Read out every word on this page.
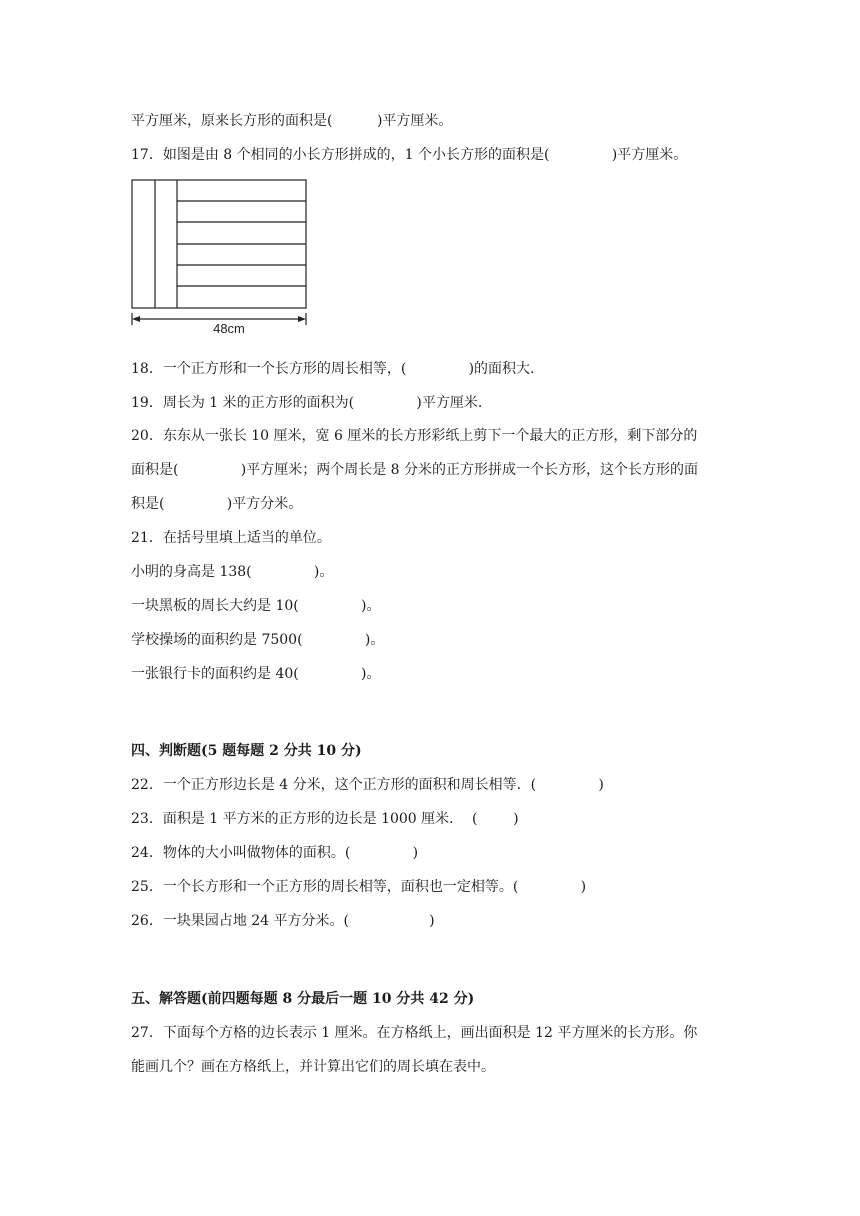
平方厘米，原来长方形的面积是(          )平方厘米。
17．如图是由 8 个相同的小长方形拼成的，1 个小长方形的面积是(              )平方厘米。
48cm
18．一个正方形和一个长方形的周长相等，(              )的面积大.
19．周长为 1 米的正方形的面积为(              )平方厘米.
20．东东从一张长 10 厘米，宽 6 厘米的长方形彩纸上剪下一个最大的正方形，剩下部分的
面积是(              )平方厘米；两个周长是 8 分米的正方形拼成一个长方形，这个长方形的面
积是(              )平方分米。
21．在括号里填上适当的单位。
小明的身高是 138(              )。
一块黑板的周长大约是 10(              )。
学校操场的面积约是 7500(              )。
一张银行卡的面积约是 40(              )。
四、判断题(5 题每题 2 分共 10 分)
22．一个正方形边长是 4 分米，这个正方形的面积和周长相等．(              )
23．面积是 1 平方米的正方形的边长是 1000 厘米．  (        )
24．物体的大小叫做物体的面积。(              )
25．一个长方形和一个正方形的周长相等，面积也一定相等。(              )
26．一块果园占地 24 平方分米。(                  )
五、解答题(前四题每题 8 分最后一题 10 分共 42 分)
27．下面每个方格的边长表示 1 厘米。在方格纸上，画出面积是 12 平方厘米的长方形。你
能画几个？画在方格纸上，并计算出它们的周长填在表中。
